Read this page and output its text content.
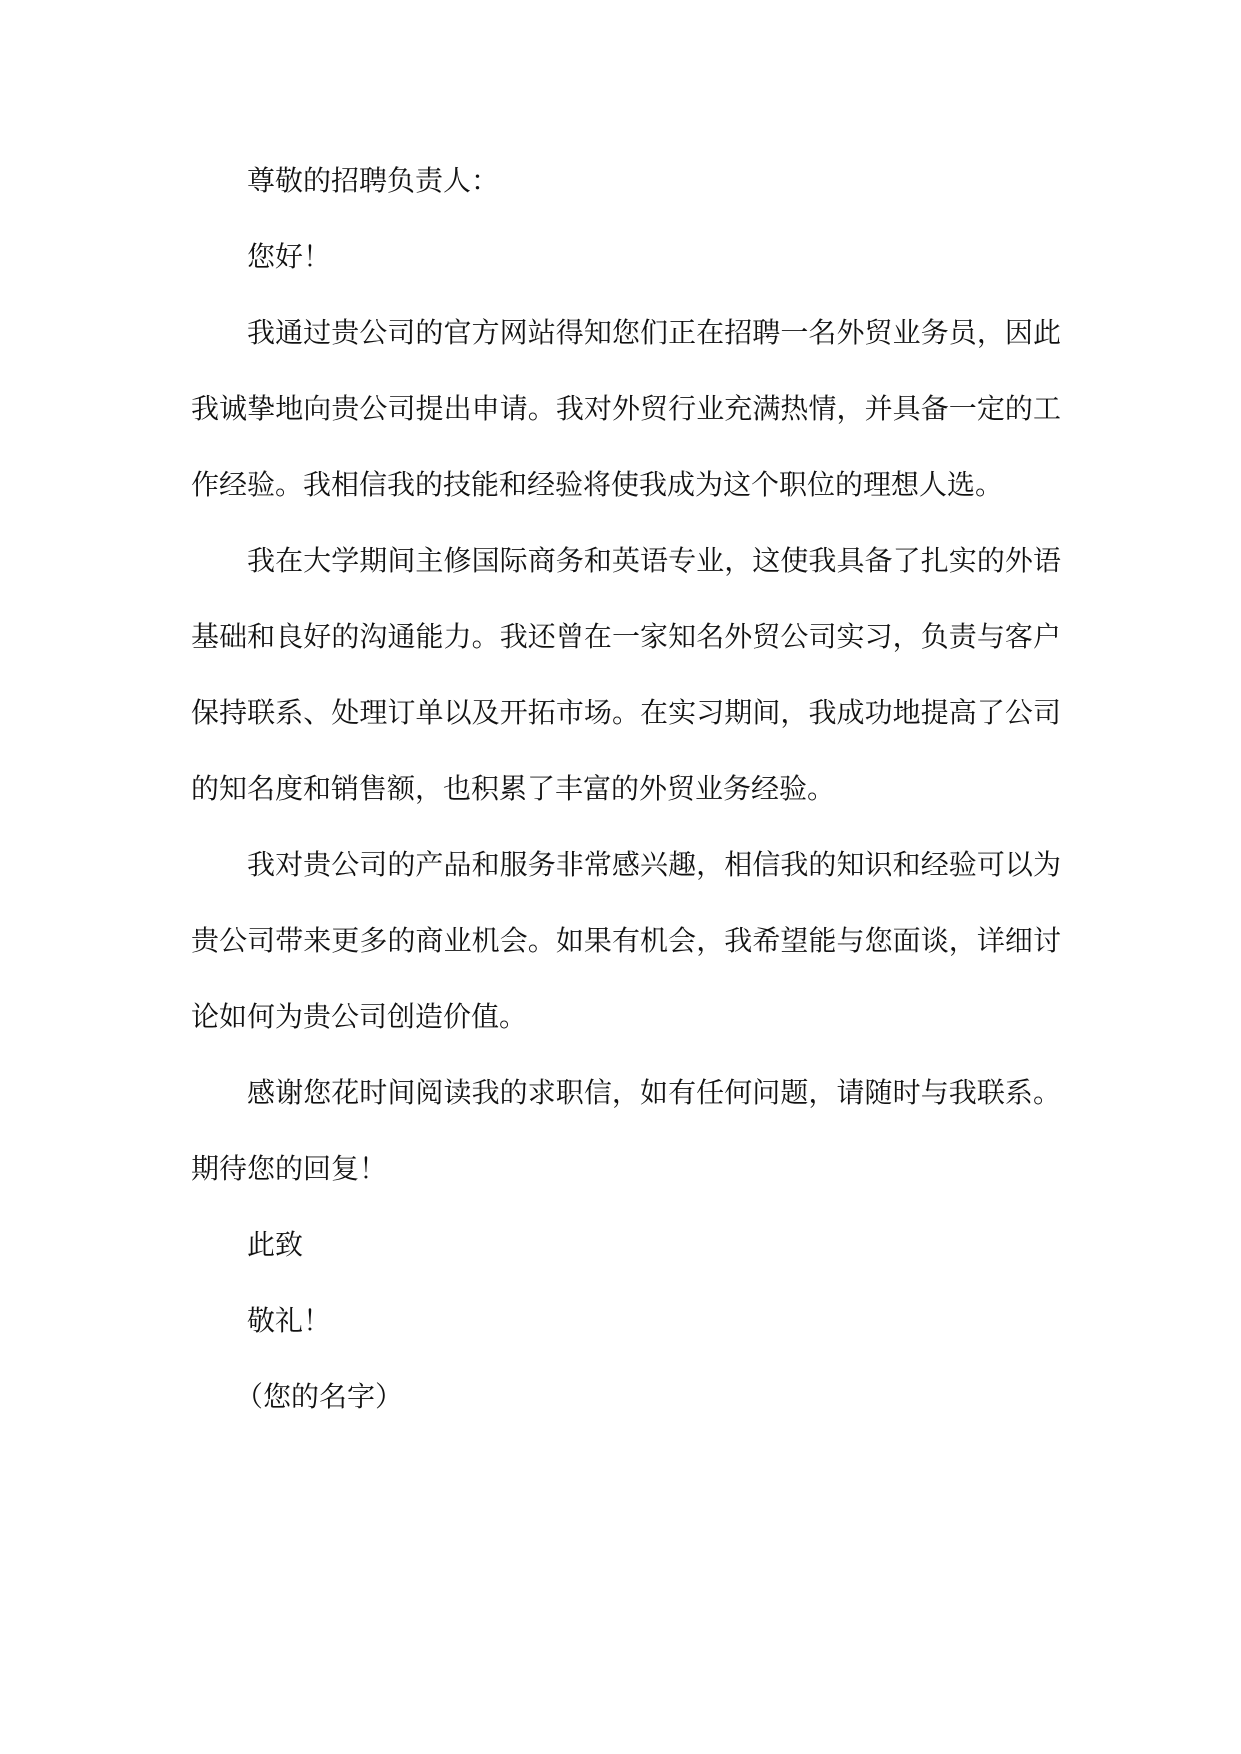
尊敬的招聘负责人：

您好！

我通过贵公司的官方网站得知您们正在招聘一名外贸业务员，因此我诚挚地向贵公司提出申请。我对外贸行业充满热情，并具备一定的工作经验。我相信我的技能和经验将使我成为这个职位的理想人选。

我在大学期间主修国际商务和英语专业，这使我具备了扎实的外语基础和良好的沟通能力。我还曾在一家知名外贸公司实习，负责与客户保持联系、处理订单以及开拓市场。在实习期间，我成功地提高了公司的知名度和销售额，也积累了丰富的外贸业务经验。

我对贵公司的产品和服务非常感兴趣，相信我的知识和经验可以为贵公司带来更多的商业机会。如果有机会，我希望能与您面谈，详细讨论如何为贵公司创造价值。

感谢您花时间阅读我的求职信，如有任何问题，请随时与我联系。期待您的回复！

此致

敬礼！

（您的名字）
